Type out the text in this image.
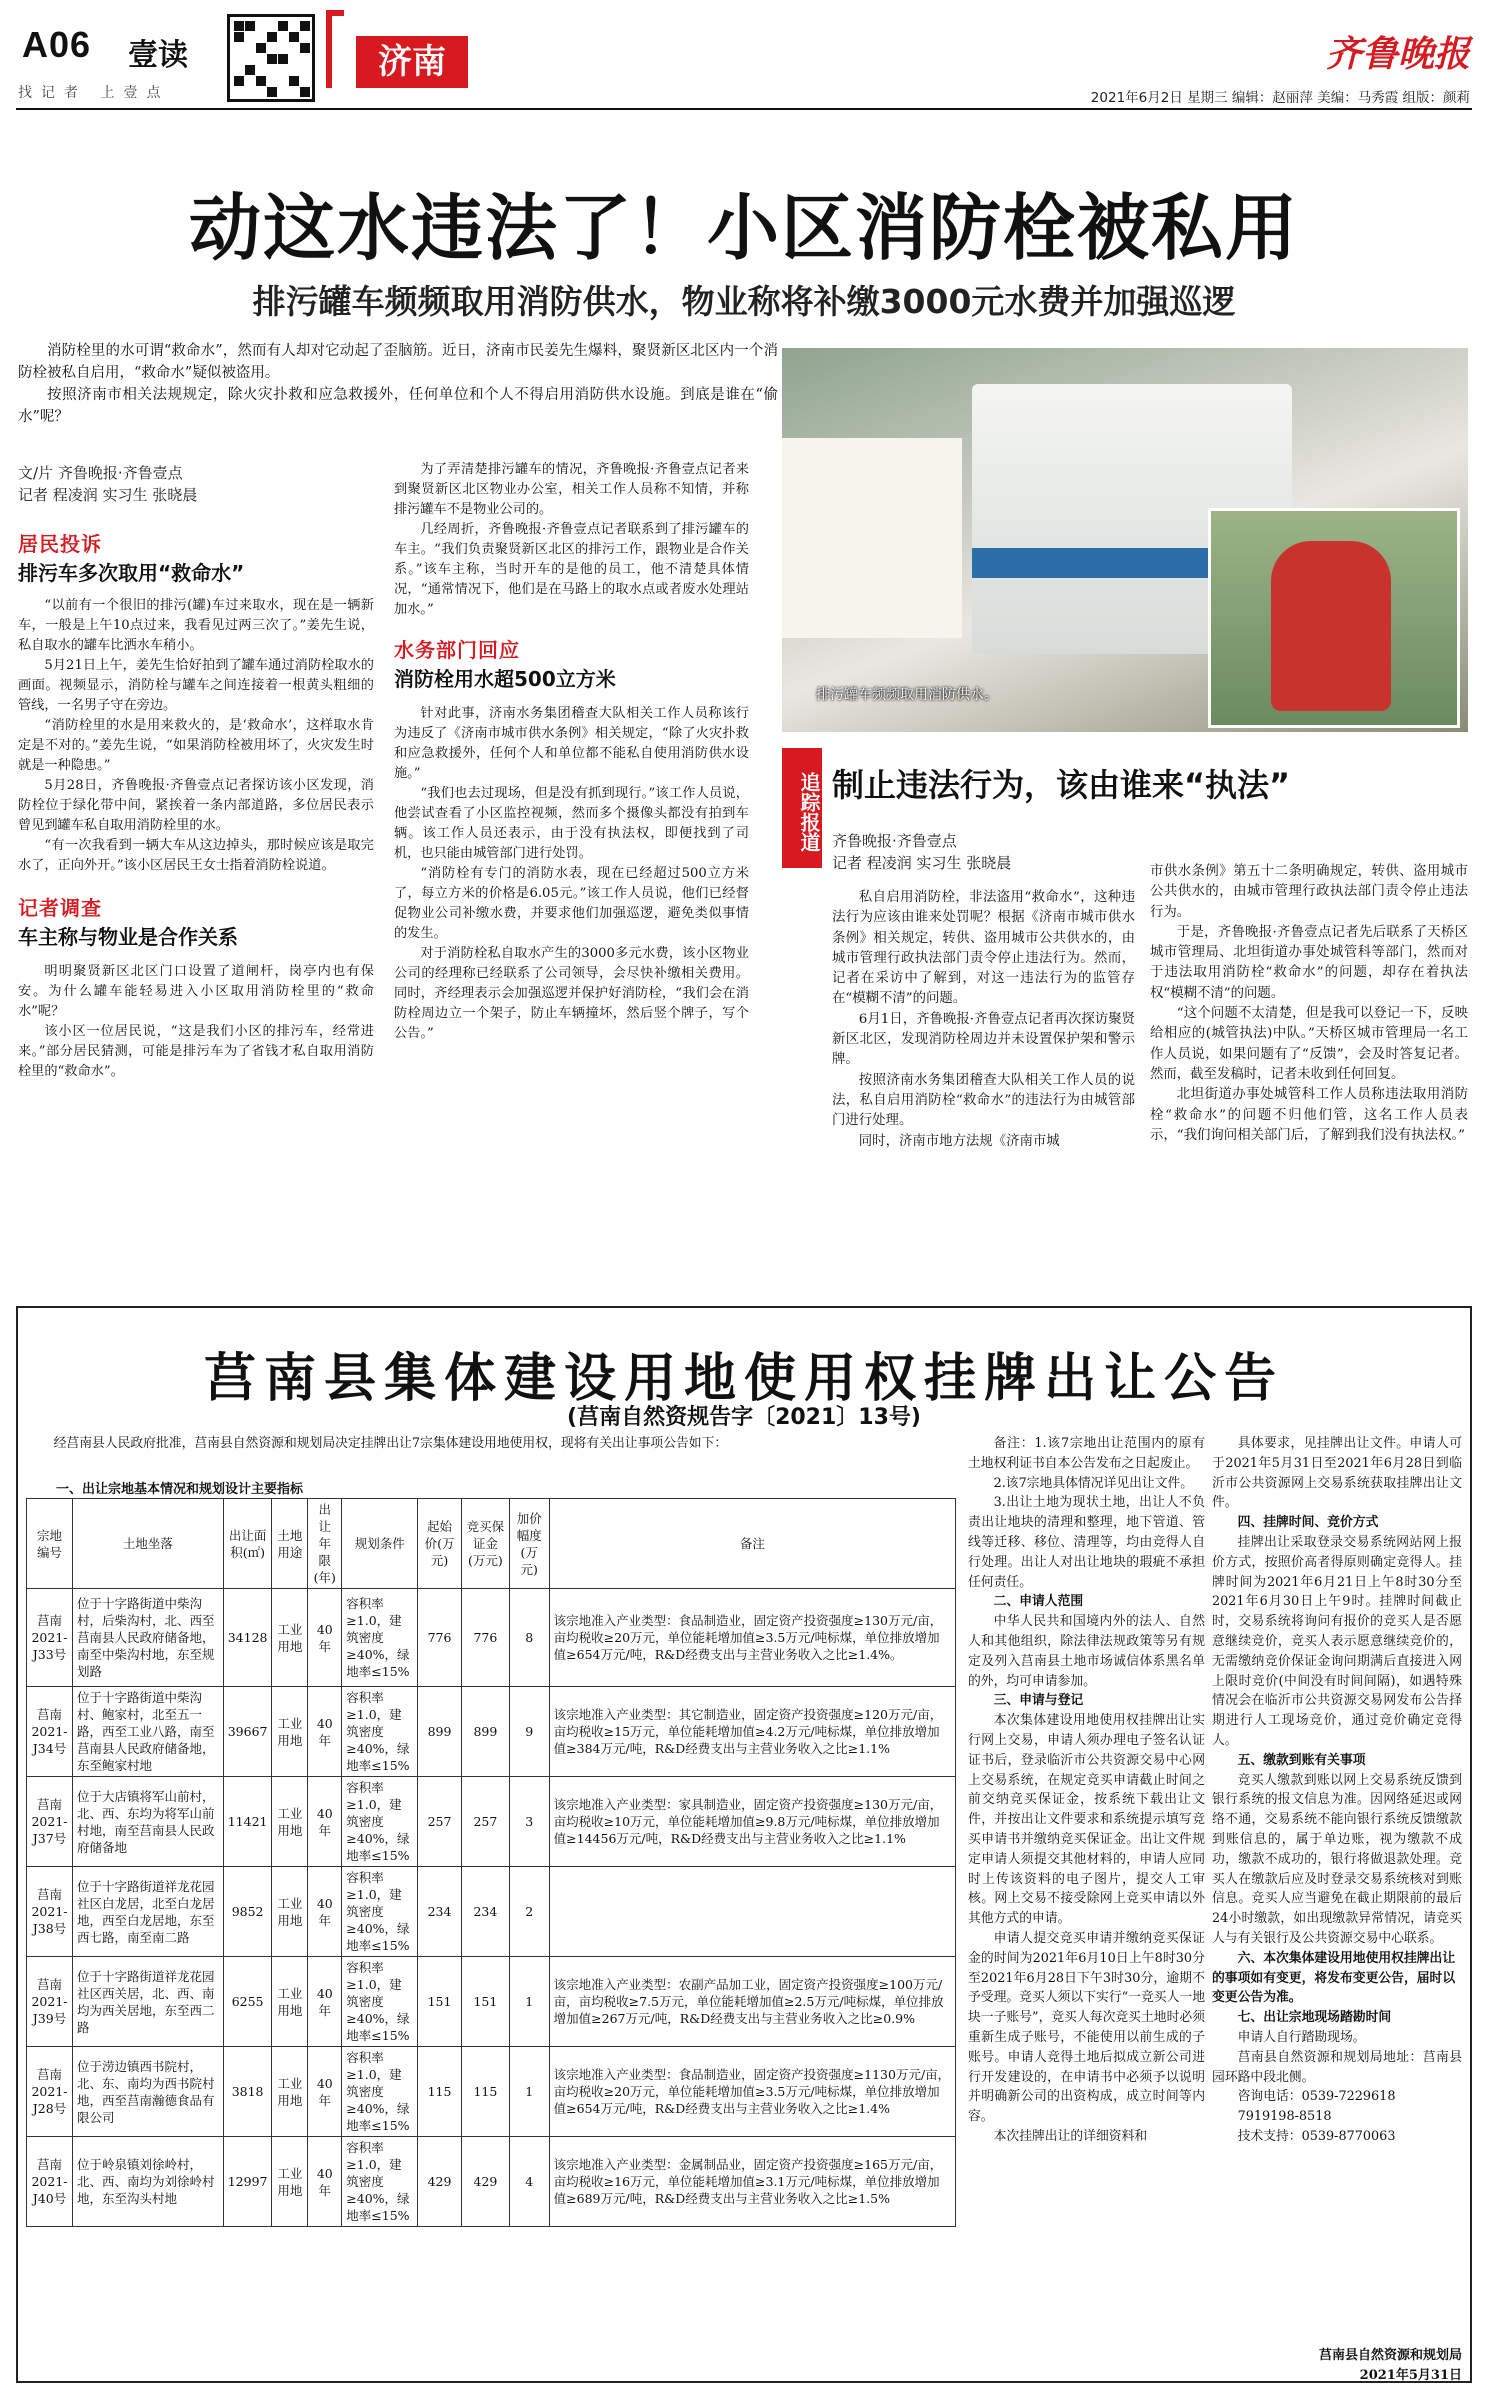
A06 壹读
找记者 上壹点
济南	齐鲁晚报
2021年6月2日 星期三 编辑：赵丽萍 美编：马秀霞 组版：颜莉
动这水违法了！小区消防栓被私用
排污罐车频频取用消防供水，物业称将补缴3000元水费并加强巡逻

消防栓里的水可谓“救命水”，然而有人却对它动起了歪脑筋。近日，济南市民姜先生爆料，聚贤新区北区内一个消防栓被私自启用，“救命水”疑似被盗用。

按照济南市相关法规规定，除火灾扑救和应急救援外，任何单位和个人不得启用消防供水设施。到底是谁在“偷水”呢？

文/片 齐鲁晚报·齐鲁壹点
记者 程凌润 实习生 张晓晨
居民投诉
排污车多次取用“救命水”

“以前有一个很旧的排污(罐)车过来取水，现在是一辆新车，一般是上午10点过来，我看见过两三次了。”姜先生说，私自取水的罐车比洒水车稍小。

5月21日上午，姜先生恰好拍到了罐车通过消防栓取水的画面。视频显示，消防栓与罐车之间连接着一根黄头粗细的管线，一名男子守在旁边。

“消防栓里的水是用来救火的，是‘救命水’，这样取水肯定是不对的。”姜先生说，“如果消防栓被用坏了，火灾发生时就是一种隐患。”

5月28日，齐鲁晚报·齐鲁壹点记者探访该小区发现，消防栓位于绿化带中间，紧挨着一条内部道路，多位居民表示曾见到罐车私自取用消防栓里的水。

“有一次我看到一辆大车从这边掉头，那时候应该是取完水了，正向外开。”该小区居民王女士指着消防栓说道。

记者调查
车主称与物业是合作关系

明明聚贤新区北区门口设置了道闸杆，岗亭内也有保安。为什么罐车能轻易进入小区取用消防栓里的“救命水”呢？

该小区一位居民说，“这是我们小区的排污车，经常进来。”部分居民猜测，可能是排污车为了省钱才私自取用消防栓里的“救命水”。

为了弄清楚排污罐车的情况，齐鲁晚报·齐鲁壹点记者来到聚贤新区北区物业办公室，相关工作人员称不知情，并称排污罐车不是物业公司的。

几经周折，齐鲁晚报·齐鲁壹点记者联系到了排污罐车的车主。“我们负责聚贤新区北区的排污工作，跟物业是合作关系。”该车主称，当时开车的是他的员工，他不清楚具体情况，“通常情况下，他们是在马路上的取水点或者废水处理站加水。”

水务部门回应
消防栓用水超500立方米

针对此事，济南水务集团稽查大队相关工作人员称该行为违反了《济南市城市供水条例》相关规定，“除了火灾扑救和应急救援外，任何个人和单位都不能私自使用消防供水设施。”

“我们也去过现场，但是没有抓到现行。”该工作人员说，他尝试查看了小区监控视频，然而多个摄像头都没有拍到车辆。该工作人员还表示，由于没有执法权，即便找到了司机，也只能由城管部门进行处罚。

“消防栓有专门的消防水表，现在已经超过500立方米了，每立方米的价格是6.05元。”该工作人员说，他们已经督促物业公司补缴水费，并要求他们加强巡逻，避免类似事情的发生。

对于消防栓私自取水产生的3000多元水费，该小区物业公司的经理称已经联系了公司领导，会尽快补缴相关费用。同时，齐经理表示会加强巡逻并保护好消防栓，“我们会在消防栓周边立一个架子，防止车辆撞坏，然后竖个牌子，写个公告。”

排污罐车频频取用消防供水。
追踪报道 制止违法行为，该由谁来“执法”
齐鲁晚报·齐鲁壹点
记者 程凌润 实习生 张晓晨

私自启用消防栓，非法盗用“救命水”，这种违法行为应该由谁来处罚呢？根据《济南市城市供水条例》相关规定，转供、盗用城市公共供水的，由城市管理行政执法部门责令停止违法行为。然而，记者在采访中了解到，对这一违法行为的监管存在“模糊不清”的问题。

6月1日，齐鲁晚报·齐鲁壹点记者再次探访聚贤新区北区，发现消防栓周边并未设置保护架和警示牌。

按照济南水务集团稽查大队相关工作人员的说法，私自启用消防栓“救命水”的违法行为由城管部门进行处理。

同时，济南市地方法规《济南市城

市供水条例》第五十二条明确规定，转供、盗用城市公共供水的，由城市管理行政执法部门责令停止违法行为。

于是，齐鲁晚报·齐鲁壹点记者先后联系了天桥区城市管理局、北坦街道办事处城管科等部门，然而对于违法取用消防栓“救命水”的问题，却存在着执法权“模糊不清”的问题。

“这个问题不太清楚，但是我可以登记一下，反映给相应的(城管执法)中队。”天桥区城市管理局一名工作人员说，如果问题有了“反馈”，会及时答复记者。然而，截至发稿时，记者未收到任何回复。

北坦街道办事处城管科工作人员称违法取用消防栓“救命水”的问题不归他们管，这名工作人员表示，“我们询问相关部门后，了解到我们没有执法权。”

莒南县集体建设用地使用权挂牌出让公告
(莒南自然资规告字〔2021〕13号)

经莒南县人民政府批准，莒南县自然资源和规划局决定挂牌出让7宗集体建设用地使用权，现将有关出让事项公告如下：

一、出让宗地基本情况和规划设计主要指标
宗地编号	土地坐落	出让面积(㎡)	土地用途	出让年限(年)	规划条件	起始价(万元)	竞买保证金(万元)	加价幅度(万元)	备注
莒南2021-J33号	位于十字路街道中柴沟村，后柴沟村，北、西至莒南县人民政府储备地，南至中柴沟村地，东至规划路	34128	工业用地	40年	容积率≥1.0，建筑密度≥40%，绿地率≤15%	776	776	8	该宗地准入产业类型：食品制造业，固定资产投资强度≥130万元/亩，亩均税收≥20万元，单位能耗增加值≥3.5万元/吨标煤，单位排放增加值≥654万元/吨，R&D经费支出与主营业务收入之比≥1.4%。
莒南2021-J34号	位于十字路街道中柴沟村、鲍家村，北至五一路，西至工业八路，南至莒南县人民政府储备地，东至鲍家村地	39667	工业用地	40年	容积率≥1.0，建筑密度≥40%，绿地率≤15%	899	899	9	该宗地准入产业类型：其它制造业，固定资产投资强度≥120万元/亩，亩均税收≥15万元，单位能耗增加值≥4.2万元/吨标煤，单位排放增加值≥384万元/吨，R&D经费支出与主营业务收入之比≥1.1%
莒南2021-J37号	位于大店镇将军山前村，北、西、东均为将军山前村地，南至莒南县人民政府储备地	11421	工业用地	40年	容积率≥1.0，建筑密度≥40%，绿地率≤15%	257	257	3	该宗地准入产业类型：家具制造业，固定资产投资强度≥130万元/亩，亩均税收≥10万元，单位能耗增加值≥9.8万元/吨标煤，单位排放增加值≥14456万元/吨，R&D经费支出与主营业务收入之比≥1.1%
莒南2021-J38号	位于十字路街道祥龙花园社区白龙居，北至白龙居地，西至白龙居地，东至西七路，南至南二路	9852	工业用地	40年	容积率≥1.0，建筑密度≥40%，绿地率≤15%	234	234	2	
莒南2021-J39号	位于十字路街道祥龙花园社区西关居，北、西、南均为西关居地，东至西二路	6255	工业用地	40年	容积率≥1.0，建筑密度≥40%，绿地率≤15%	151	151	1	该宗地准入产业类型：农副产品加工业，固定资产投资强度≥100万元/亩，亩均税收≥7.5万元，单位能耗增加值≥2.5万元/吨标煤，单位排放增加值≥267万元/吨，R&D经费支出与主营业务收入之比≥0.9%
莒南2021-J28号	位于涝边镇西书院村，北、东、南均为西书院村地，西至莒南瀚德食品有限公司	3818	工业用地	40年	容积率≥1.0，建筑密度≥40%，绿地率≤15%	115	115	1	该宗地准入产业类型：食品制造业，固定资产投资强度≥1130万元/亩，亩均税收≥20万元，单位能耗增加值≥3.5万元/吨标煤，单位排放增加值≥654万元/吨，R&D经费支出与主营业务收入之比≥1.4%
莒南2021-J40号	位于岭泉镇刘徐岭村，北、西、南均为刘徐岭村地，东至沟头村地	12997	工业用地	40年	容积率≥1.0，建筑密度≥40%，绿地率≤15%	429	429	4	该宗地准入产业类型：金属制品业，固定资产投资强度≥165万元/亩，亩均税收≥16万元，单位能耗增加值≥3.1万元/吨标煤，单位排放增加值≥689万元/吨，R&D经费支出与主营业务收入之比≥1.5%

备注：1.该7宗地出让范围内的原有土地权利证书自本公告发布之日起废止。

2.该7宗地具体情况详见出让文件。

3.出让土地为现状土地，出让人不负责出让地块的清理和整理，地下管道、管线等迁移、移位、清理等，均由竞得人自行处理。出让人对出让地块的瑕疵不承担任何责任。

二、申请人范围

中华人民共和国境内外的法人、自然人和其他组织，除法律法规政策等另有规定及列入莒南县土地市场诚信体系黑名单的外，均可申请参加。

三、申请与登记

本次集体建设用地使用权挂牌出让实行网上交易，申请人须办理电子签名认证证书后，登录临沂市公共资源交易中心网上交易系统，在规定竞买申请截止时间之前交纳竞买保证金，按系统下载出让文件，并按出让文件要求和系统提示填写竞买申请书并缴纳竞买保证金。出让文件规定申请人须提交其他材料的，申请人应同时上传该资料的电子图片，提交人工审核。网上交易不接受除网上竞买申请以外其他方式的申请。

申请人提交竞买申请并缴纳竞买保证金的时间为2021年6月10日上午8时30分至2021年6月28日下午3时30分，逾期不予受理。竞买人须以下实行“一竞买人一地块一子账号”，竞买人每次竞买土地时必须重新生成子账号，不能使用以前生成的子账号。申请人竞得土地后拟成立新公司进行开发建设的，在申请书中必须予以说明并明确新公司的出资构成，成立时间等内容。

本次挂牌出让的详细资料和

具体要求，见挂牌出让文件。申请人可于2021年5月31日至2021年6月28日到临沂市公共资源网上交易系统获取挂牌出让文件。

四、挂牌时间、竞价方式

挂牌出让采取登录交易系统网站网上报价方式，按照价高者得原则确定竞得人。挂牌时间为2021年6月21日上午8时30分至2021年6月30日上午9时。挂牌时间截止时，交易系统将询问有报价的竞买人是否愿意继续竞价，竞买人表示愿意继续竞价的，无需缴纳竞价保证金询问期满后直接进入网上限时竞价(中间没有时间间隔)，如遇特殊情况会在临沂市公共资源交易网发布公告择期进行人工现场竞价，通过竞价确定竞得人。

五、缴款到账有关事项

竞买人缴款到账以网上交易系统反馈到银行系统的报文信息为准。因网络延迟或网络不通，交易系统不能向银行系统反馈缴款到账信息的，属于单边账，视为缴款不成功，缴款不成功的，银行将做退款处理。竞买人在缴款后应及时登录交易系统核对到账信息。竞买人应当避免在截止期限前的最后24小时缴款，如出现缴款异常情况，请竞买人与有关银行及公共资源交易中心联系。

六、本次集体建设用地使用权挂牌出让的事项如有变更，将发布变更公告，届时以变更公告为准。
七、出让宗地现场踏勘时间

申请人自行踏勘现场。

莒南县自然资源和规划局地址：莒南县园环路中段北侧。

咨询电话：0539-7229618

7919198-8518

技术支持：0539-8770063

莒南县自然资源和规划局
2021年5月31日
